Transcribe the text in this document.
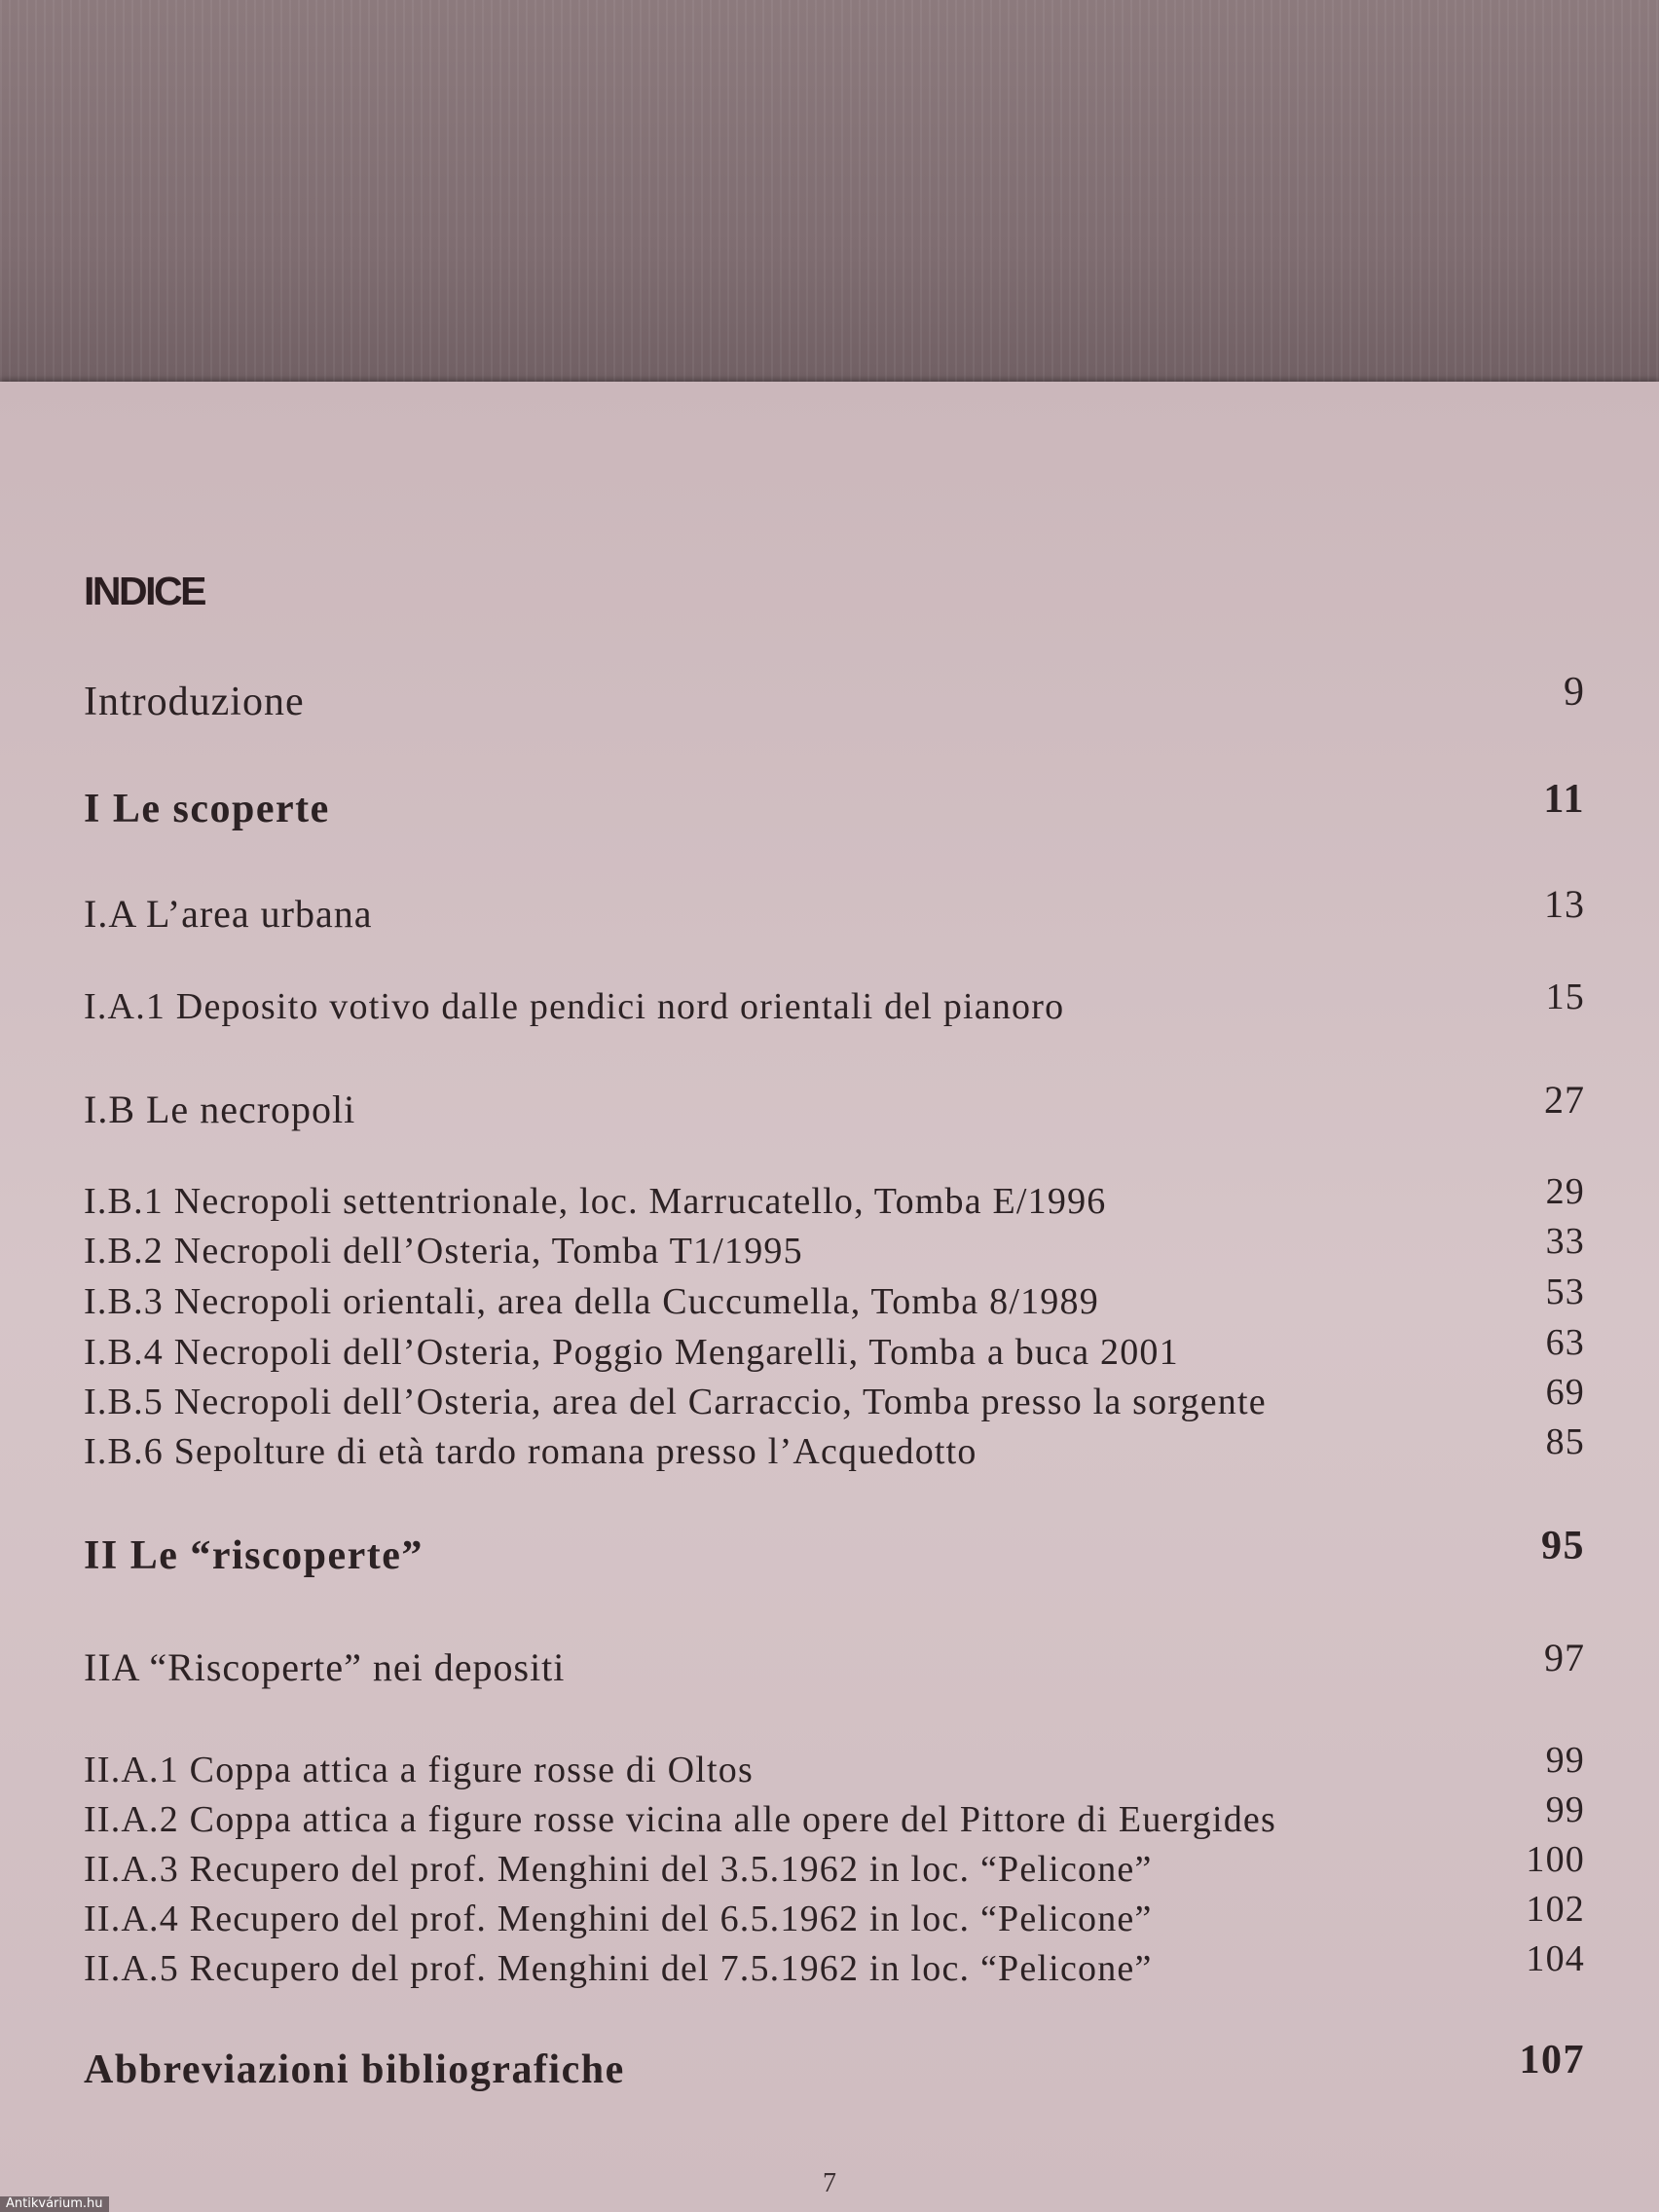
INDICE
Introduzione	9
I Le scoperte	11
I.A L’area urbana	13
I.A.1 Deposito votivo dalle pendici nord orientali del pianoro	15
I.B Le necropoli	27
I.B.1 Necropoli settentrionale, loc. Marrucatello, Tomba E/1996	29
I.B.2 Necropoli dell’Osteria, Tomba T1/1995	33
I.B.3 Necropoli orientali, area della Cuccumella, Tomba 8/1989	53
I.B.4 Necropoli dell’Osteria, Poggio Mengarelli, Tomba a buca 2001	63
I.B.5 Necropoli dell’Osteria, area del Carraccio, Tomba presso la sorgente	69
I.B.6 Sepolture di età tardo romana presso l’Acquedotto	85
II Le “riscoperte”	95
IIA “Riscoperte” nei depositi	97
II.A.1 Coppa attica a figure rosse di Oltos	99
II.A.2 Coppa attica a figure rosse vicina alle opere del Pittore di Euergides	99
II.A.3 Recupero del prof. Menghini del 3.5.1962 in loc. “Pelicone”	100
II.A.4 Recupero del prof. Menghini del 6.5.1962 in loc. “Pelicone”	102
II.A.5 Recupero del prof. Menghini del 7.5.1962 in loc. “Pelicone”	104
Abbreviazioni bibliografiche	107
7
Antikvárium.hu
